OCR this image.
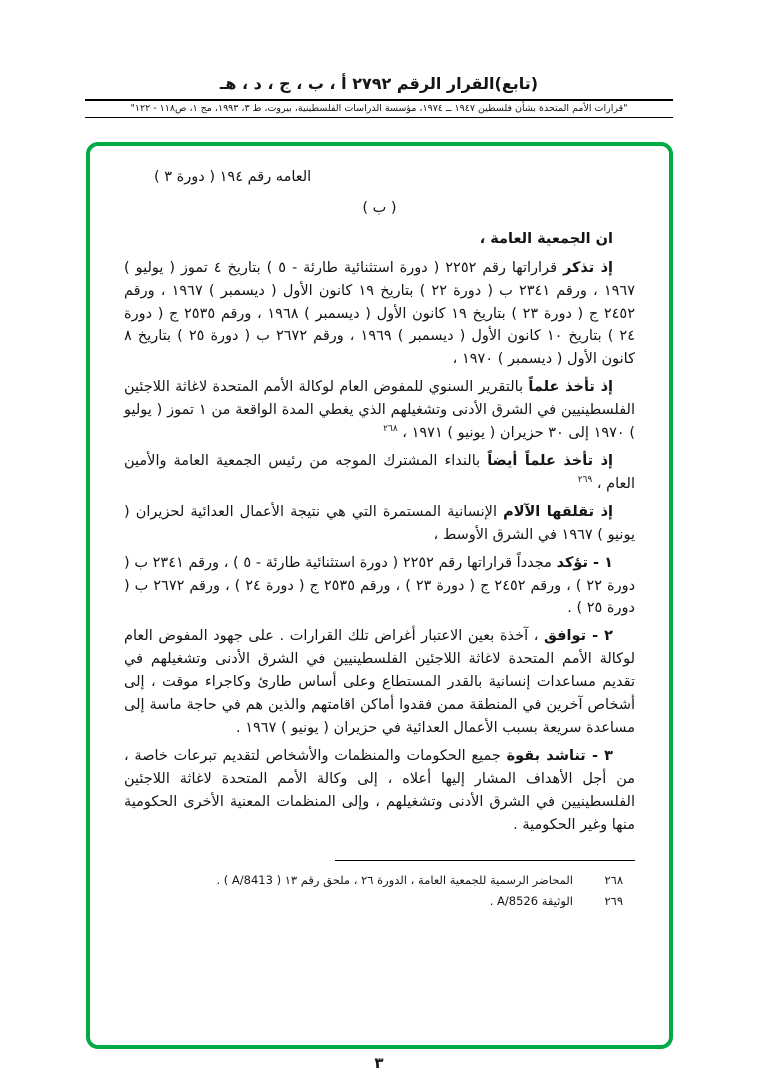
(تابع)القرار الرقم ٢٧٩٢ أ ، ب ، ج ، د ، هـ
"قرارات الأمم المتحدة بشأن فلسطين ١٩٤٧ ــ ١٩٧٤، مؤسسة الدراسات الفلسطينية، بيروت، ط ٣، ١٩٩٣، مج ١، ص١١٨ - ١٢٢"
العامه رقم ١٩٤ ( دورة ٣ )
( ب )
ان الجمعية العامة ،

إذ تذكر قراراتها رقم ٢٢٥٢ ( دورة استثنائية طارئة - ٥ ) بتاريخ ٤ تموز ( يوليو ) ١٩٦٧ ، ورقم ٢٣٤١ ب ( دورة ٢٢ ) بتاريخ ١٩ كانون الأول ( ديسمبر ) ١٩٦٧ ، ورقم ٢٤٥٢ ج ( دورة ٢٣ ) بتاريخ ١٩ كانون الأول ( ديسمبر ) ١٩٦٨ ، ورقم ٢٥٣٥ ج ( دورة ٢٤ ) بتاريخ ١٠ كانون الأول ( ديسمبر ) ١٩٦٩ ، ورقم ٢٦٧٢ ب ( دورة ٢٥ ) بتاريخ ٨ كانون الأول ( ديسمبر ) ١٩٧٠ ،

إذ تأخذ علماً بالتقرير السنوي للمفوض العام لوكالة الأمم المتحدة لاغاثة اللاجئين الفلسطينيين في الشرق الأدنى وتشغيلهم الذي يغطي المدة الواقعة من ١ تموز ( يوليو ) ١٩٧٠ إلى ٣٠ حزيران ( يونيو ) ١٩٧١ ، $^{٢٦٨}$

إذ تأخذ علماً أيضاً بالنداء المشترك الموجه من رئيس الجمعية العامة والأمين العام ، $^{٢٦٩}$

إذ تقلقها الآلام الإنسانية المستمرة التي هي نتيجة الأعمال العدائية لحزيران ( يونيو ) ١٩٦٧ في الشرق الأوسط ،

١ - تؤكد مجدداً قراراتها رقم ٢٢٥٢ ( دورة استثنائية طارئة - ٥ ) ، ورقم ٢٣٤١ ب ( دورة ٢٢ ) ، ورقم ٢٤٥٢ ج ( دورة ٢٣ ) ، ورقم ٢٥٣٥ ج ( دورة ٢٤ ) ، ورقم ٢٦٧٢ ب ( دورة ٢٥ ) .

٢ - توافق ، آخذة بعين الاعتبار أغراض تلك القرارات . على جهود المفوض العام لوكالة الأمم المتحدة لاغاثة اللاجئين الفلسطينيين في الشرق الأدنى وتشغيلهم في تقديم مساعدات إنسانية بالقدر المستطاع وعلى أساس طارئ وكاجراء موقت ، إلى أشخاص آخرين في المنطقة ممن فقدوا أماكن اقامتهم والذين هم في حاجة ماسة إلى مساعدة سريعة بسبب الأعمال العدائية في حزيران ( يونيو ) ١٩٦٧ .

٣ - تناشد بقوة جميع الحكومات والمنظمات والأشخاص لتقديم تبرعات خاصة ، من أجل الأهداف المشار إليها أعلاه ، إلى وكالة الأمم المتحدة لاغاثة اللاجئين الفلسطينيين في الشرق الأدنى وتشغيلهم ، وإلى المنظمات المعنية الأخرى الحكومية منها وغير الحكومية .

٢٦٨
المحاضر الرسمية للجمعية العامة ، الدورة ٢٦ ، ملحق رقم ١٣ ( A/8413 ) .
٢٦٩
الوثيقة A/8526 .
٣
